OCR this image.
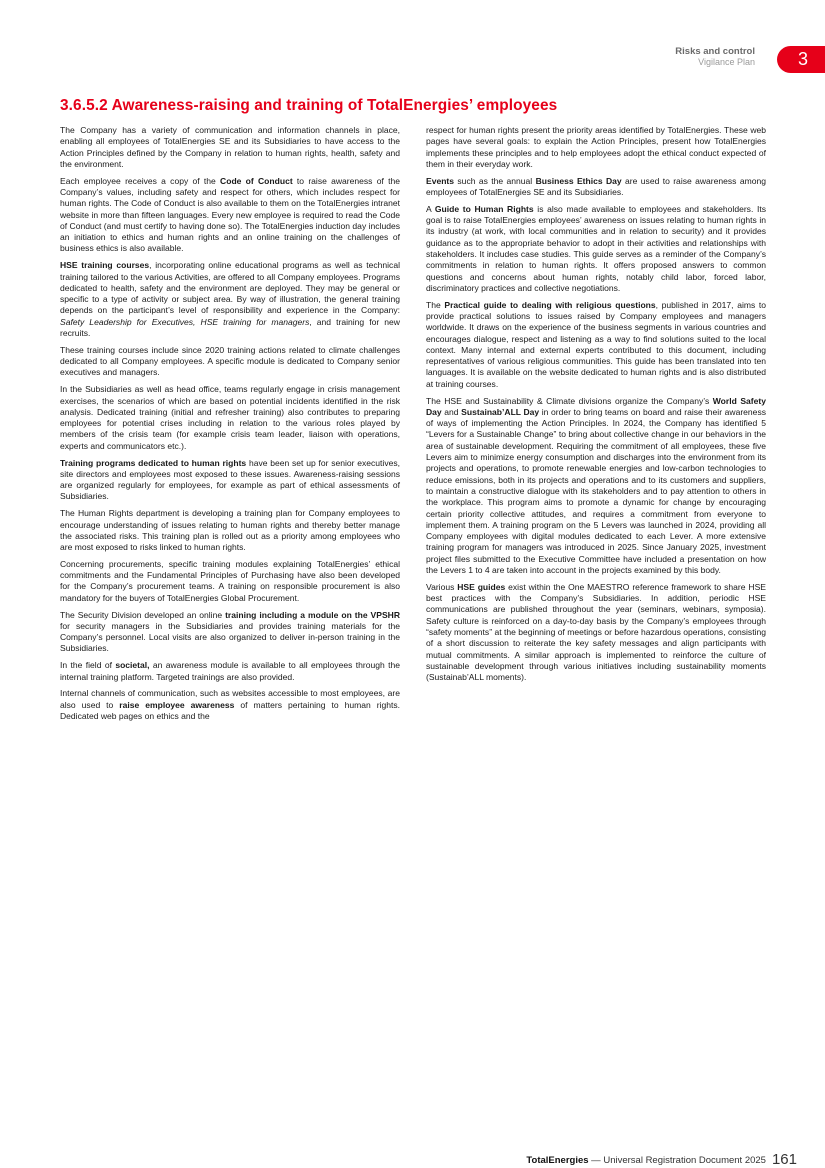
Risks and control
Vigilance Plan	3
3.6.5.2 Awareness-raising and training of TotalEnergies’ employees

The Company has a variety of communication and information channels in place, enabling all employees of TotalEnergies SE and its Subsidiaries to have access to the Action Principles defined by the Company in relation to human rights, health, safety and the environment.

Each employee receives a copy of the Code of Conduct to raise awareness of the Company’s values, including safety and respect for others, which includes respect for human rights. The Code of Conduct is also available to them on the TotalEnergies intranet website in more than fifteen languages. Every new employee is required to read the Code of Conduct (and must certify to having done so). The TotalEnergies induction day includes an initiation to ethics and human rights and an online training on the challenges of business ethics is also available.

HSE training courses, incorporating online educational programs as well as technical training tailored to the various Activities, are offered to all Company employees. Programs dedicated to health, safety and the environment are deployed. They may be general or specific to a type of activity or subject area. By way of illustration, the general training depends on the participant’s level of responsibility and experience in the Company: Safety Leadership for Executives, HSE training for managers, and training for new recruits.

These training courses include since 2020 training actions related to climate challenges dedicated to all Company employees. A specific module is dedicated to Company senior executives and managers.

In the Subsidiaries as well as head office, teams regularly engage in crisis management exercises, the scenarios of which are based on potential incidents identified in the risk analysis. Dedicated training (initial and refresher training) also contributes to preparing employees for potential crises including in relation to the various roles played by members of the crisis team (for example crisis team leader, liaison with operations, experts and communicators etc.).

Training programs dedicated to human rights have been set up for senior executives, site directors and employees most exposed to these issues. Awareness-raising sessions are organized regularly for employees, for example as part of ethical assessments of Subsidiaries.

The Human Rights department is developing a training plan for Company employees to encourage understanding of issues relating to human rights and thereby better manage the associated risks. This training plan is rolled out as a priority among employees who are most exposed to risks linked to human rights.

Concerning procurements, specific training modules explaining TotalEnergies’ ethical commitments and the Fundamental Principles of Purchasing have also been developed for the Company’s procurement teams. A training on responsible procurement is also mandatory for the buyers of TotalEnergies Global Procurement.

The Security Division developed an online training including a module on the VPSHR for security managers in the Subsidiaries and provides training materials for the Company’s personnel. Local visits are also organized to deliver in-person training in the Subsidiaries.

In the field of societal, an awareness module is available to all employees through the internal training platform. Targeted trainings are also provided.

Internal channels of communication, such as websites accessible to most employees, are also used to raise employee awareness of matters pertaining to human rights. Dedicated web pages on ethics and the

respect for human rights present the priority areas identified by TotalEnergies. These web pages have several goals: to explain the Action Principles, present how TotalEnergies implements these principles and to help employees adopt the ethical conduct expected of them in their everyday work.

Events such as the annual Business Ethics Day are used to raise awareness among employees of TotalEnergies SE and its Subsidiaries.

A Guide to Human Rights is also made available to employees and stakeholders. Its goal is to raise TotalEnergies employees’ awareness on issues relating to human rights in its industry (at work, with local communities and in relation to security) and it provides guidance as to the appropriate behavior to adopt in their activities and relationships with stakeholders. It includes case studies. This guide serves as a reminder of the Company’s commitments in relation to human rights. It offers proposed answers to common questions and concerns about human rights, notably child labor, forced labor, discriminatory practices and collective negotiations.

The Practical guide to dealing with religious questions, published in 2017, aims to provide practical solutions to issues raised by Company employees and managers worldwide. It draws on the experience of the business segments in various countries and encourages dialogue, respect and listening as a way to find solutions suited to the local context. Many internal and external experts contributed to this document, including representatives of various religious communities. This guide has been translated into ten languages. It is available on the website dedicated to human rights and is also distributed at training courses.

The HSE and Sustainability & Climate divisions organize the Company’s World Safety Day and Sustainab’ALL Day in order to bring teams on board and raise their awareness of ways of implementing the Action Principles. In 2024, the Company has identified 5 “Levers for a Sustainable Change” to bring about collective change in our behaviors in the area of sustainable development. Requiring the commitment of all employees, these five Levers aim to minimize energy consumption and discharges into the environment from its projects and operations, to promote renewable energies and low-carbon technologies to reduce emissions, both in its projects and operations and to its customers and suppliers, to maintain a constructive dialogue with its stakeholders and to pay attention to others in the workplace. This program aims to promote a dynamic for change by encouraging certain priority collective attitudes, and requires a commitment from everyone to implement them. A training program on the 5 Levers was launched in 2024, providing all Company employees with digital modules dedicated to each Lever. A more extensive training program for managers was introduced in 2025. Since January 2025, investment project files submitted to the Executive Committee have included a presentation on how the Levers 1 to 4 are taken into account in the projects examined by this body.

Various HSE guides exist within the One MAESTRO reference framework to share HSE best practices with the Company’s Subsidiaries. In addition, periodic HSE communications are published throughout the year (seminars, webinars, symposia). Safety culture is reinforced on a day-to-day basis by the Company’s employees through “safety moments” at the beginning of meetings or before hazardous operations, consisting of a short discussion to reiterate the key safety messages and align participants with mutual commitments. A similar approach is implemented to reinforce the culture of sustainable development through various initiatives including sustainability moments (Sustainab’ALL moments).

TotalEnergies — Universal Registration Document 2025 161
